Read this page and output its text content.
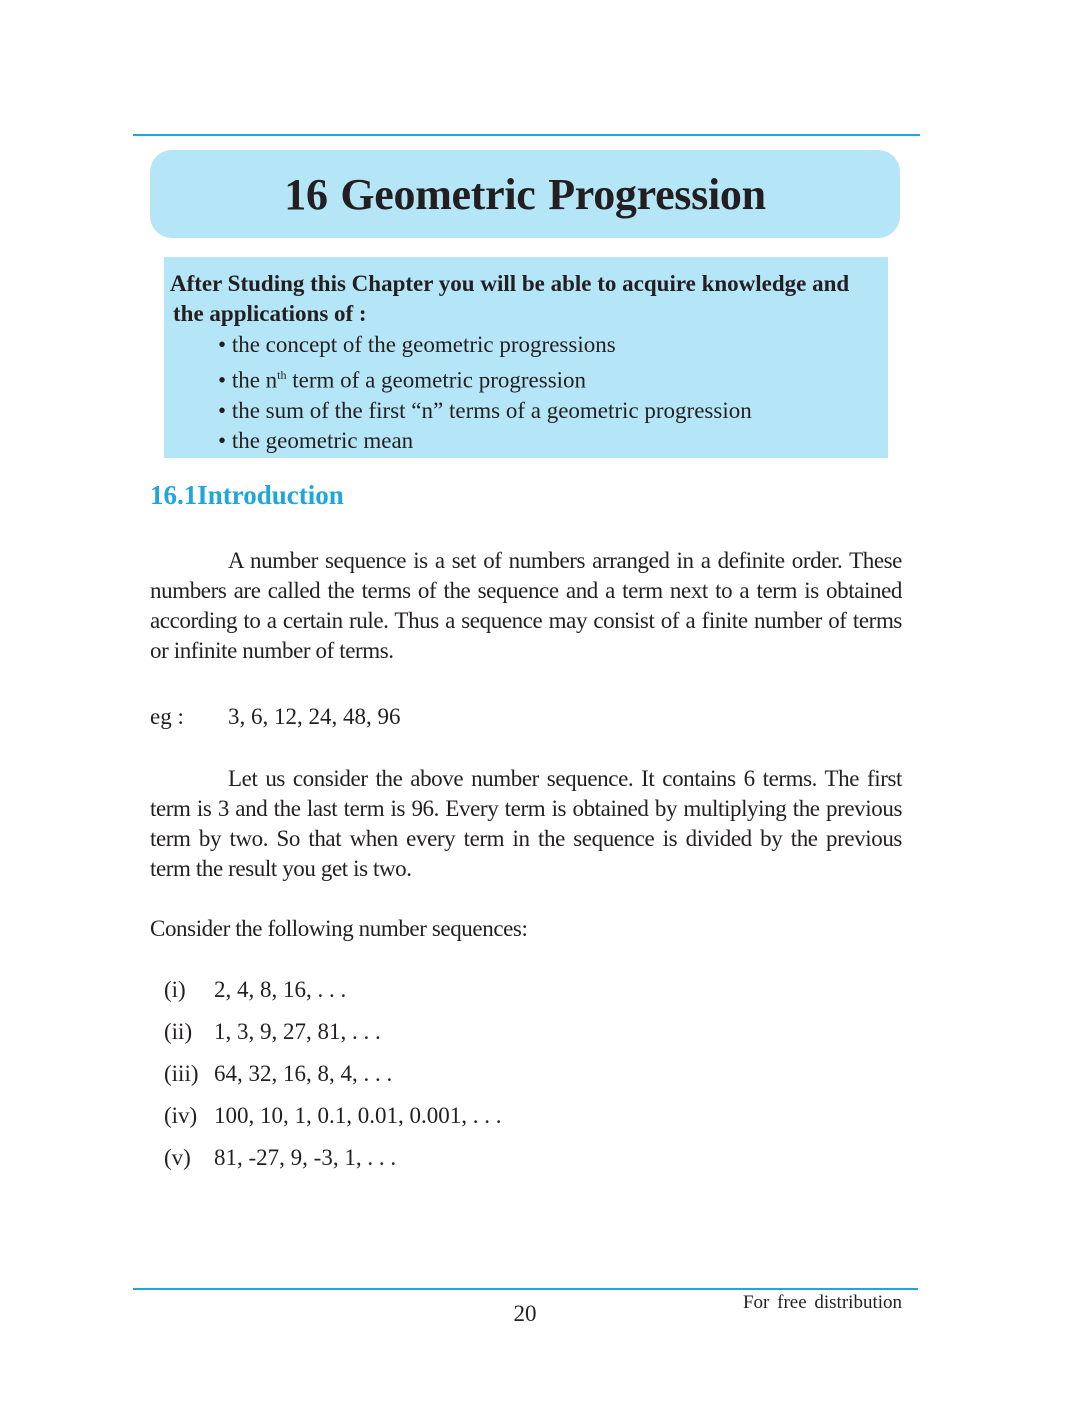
16 Geometric Progression
After Studing this Chapter you will be able to acquire knowledge and
the applications of :
• the concept of the geometric progressions
• the $n^{th}$ term of a geometric progression
• the sum of the first “n” terms of a geometric progression
• the geometric mean
16.1Introduction

A number sequence is a set of numbers arranged in a definite order. These numbers are called the terms of the sequence and a term next to a term is obtained according to a certain rule. Thus a sequence may consist of a finite number of terms or infinite number of terms.

eg : 3, 6, 12, 24, 48, 96

Let us consider the above number sequence. It contains 6 terms. The first term is 3 and the last term is 96. Every term is obtained by multiplying the previous term by two. So that when every term in the sequence is divided by the previous term the result you get is two.

Consider the following number sequences:

(i) 2, 4, 8, 16, . . .
(ii) 1, 3, 9, 27, 81, . . .
(iii) 64, 32, 16, 8, 4, . . .
(iv) 100, 10, 1, 0.1, 0.01, 0.001, . . .
(v) 81, -27, 9, -3, 1, . . .
20	For free distribution
